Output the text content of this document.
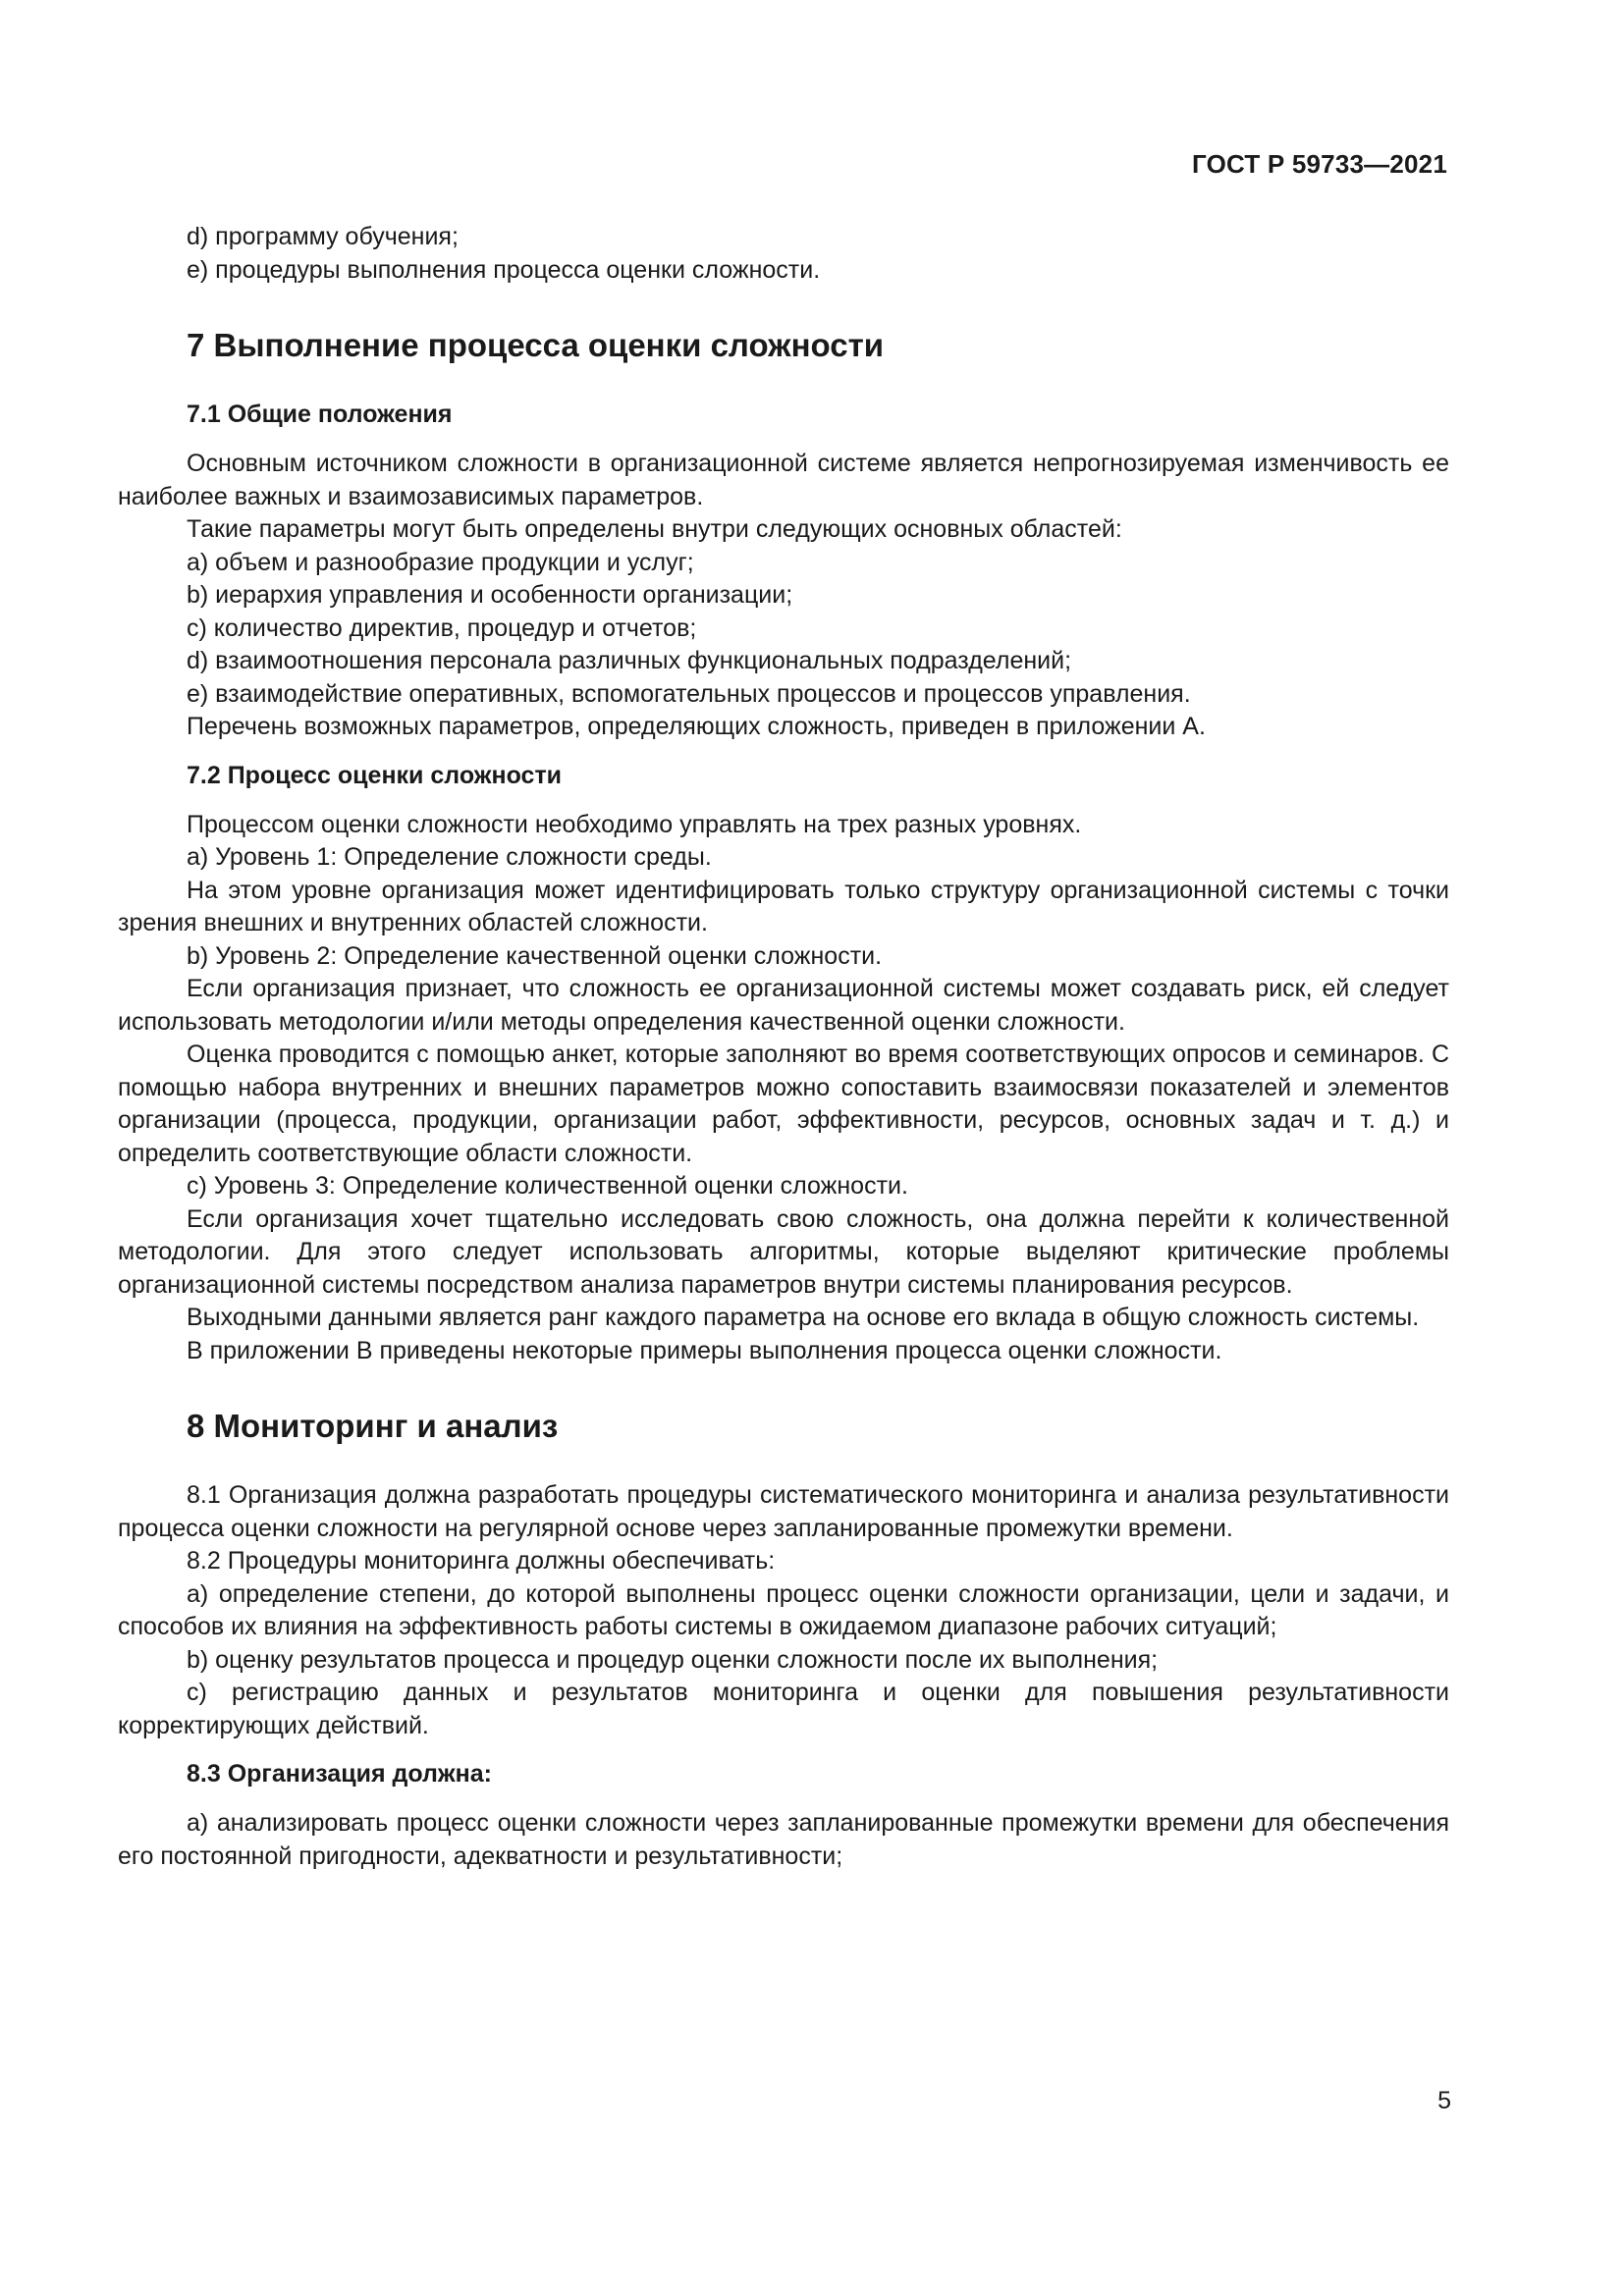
ГОСТ Р 59733—2021

d) программу обучения;

e) процедуры выполнения процесса оценки сложности.

7 Выполнение процесса оценки сложности
7.1 Общие положения

Основным источником сложности в организационной системе является непрогнозируемая изменчивость ее наиболее важных и взаимозависимых параметров.

Такие параметры могут быть определены внутри следующих основных областей:

a) объем и разнообразие продукции и услуг;

b) иерархия управления и особенности организации;

c) количество директив, процедур и отчетов;

d) взаимоотношения персонала различных функциональных подразделений;

e) взаимодействие оперативных, вспомогательных процессов и процессов управления.

Перечень возможных параметров, определяющих сложность, приведен в приложении А.

7.2 Процесс оценки сложности

Процессом оценки сложности необходимо управлять на трех разных уровнях.

a) Уровень 1: Определение сложности среды.

На этом уровне организация может идентифицировать только структуру организационной системы с точки зрения внешних и внутренних областей сложности.

b) Уровень 2: Определение качественной оценки сложности.

Если организация признает, что сложность ее организационной системы может создавать риск, ей следует использовать методологии и/или методы определения качественной оценки сложности.

Оценка проводится с помощью анкет, которые заполняют во время соответствующих опросов и семинаров. С помощью набора внутренних и внешних параметров можно сопоставить взаимосвязи показателей и элементов организации (процесса, продукции, организации работ, эффективности, ресурсов, основных задач и т. д.) и определить соответствующие области сложности.

c) Уровень 3: Определение количественной оценки сложности.

Если организация хочет тщательно исследовать свою сложность, она должна перейти к количественной методологии. Для этого следует использовать алгоритмы, которые выделяют критические проблемы организационной системы посредством анализа параметров внутри системы планирования ресурсов.

Выходными данными является ранг каждого параметра на основе его вклада в общую сложность системы.

В приложении В приведены некоторые примеры выполнения процесса оценки сложности.

8 Мониторинг и анализ

8.1 Организация должна разработать процедуры систематического мониторинга и анализа результативности процесса оценки сложности на регулярной основе через запланированные промежутки времени.

8.2 Процедуры мониторинга должны обеспечивать:

a) определение степени, до которой выполнены процесс оценки сложности организации, цели и задачи, и способов их влияния на эффективность работы системы в ожидаемом диапазоне рабочих ситуаций;

b) оценку результатов процесса и процедур оценки сложности после их выполнения;

c) регистрацию данных и результатов мониторинга и оценки для повышения результативности корректирующих действий.

8.3 Организация должна:

a) анализировать процесс оценки сложности через запланированные промежутки времени для обеспечения его постоянной пригодности, адекватности и результативности;

5
